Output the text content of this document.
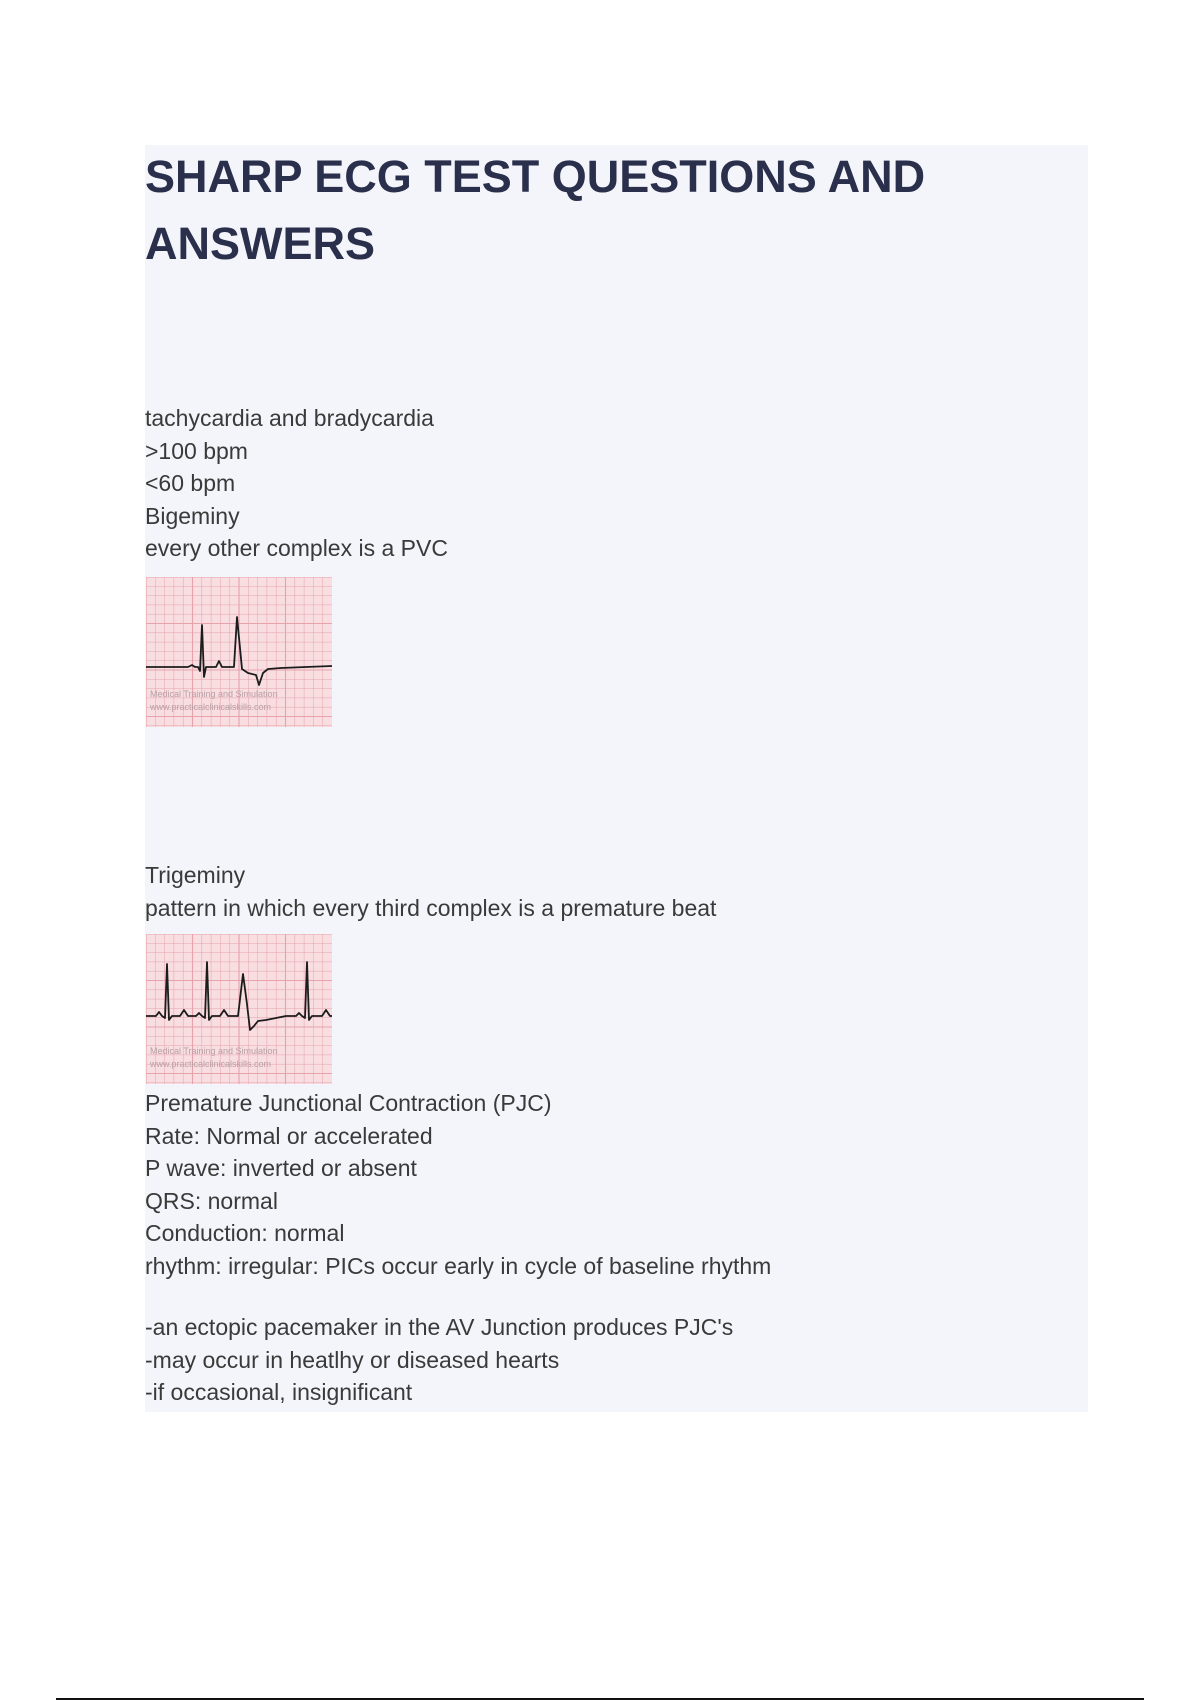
SHARP ECG TEST QUESTIONS AND ANSWERS
tachycardia and bradycardia
>100 bpm
<60 bpm
Bigeminy
every other complex is a PVC
Medical Training and Simulation
www.practicalclinicalskills.com

Trigeminy
pattern in which every third complex is a premature beat
Medical Training and Simulation
www.practicalclinicalskills.com
Premature Junctional Contraction (PJC)
Rate: Normal or accelerated
P wave: inverted or absent
QRS: normal
Conduction: normal
rhythm: irregular: PICs occur early in cycle of baseline rhythm
-an ectopic pacemaker in the AV Junction produces PJC's
-may occur in heatlhy or diseased hearts
-if occasional, insignificant
